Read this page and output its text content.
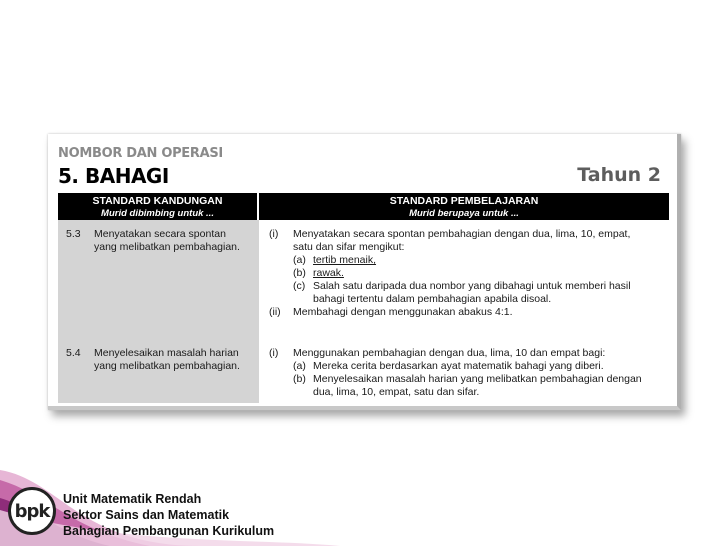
NOMBOR DAN OPERASI
5. BAHAGI	Tahun 2
STANDARD KANDUNGAN
Murid dibimbing untuk ...
STANDARD PEMBELAJARAN
Murid berupaya untuk ...
5.3 Menyatakan secara spontan
yang melibatkan pembahagian.
5.4 Menyelesaikan masalah harian
yang melibatkan pembahagian.
(i) Menyatakan secara spontan pembahagian dengan dua, lima, 10, empat,
satu dan sifar mengikut:
(a) tertib menaik,
(b) rawak.
(c) Salah satu daripada dua nombor yang dibahagi untuk memberi hasil
bahagi tertentu dalam pembahagian apabila disoal.
(ii) Membahagi dengan menggunakan abakus 4:1.
(i) Menggunakan pembahagian dengan dua, lima, 10 dan empat bagi:
(a) Mereka cerita berdasarkan ayat matematik bahagi yang diberi.
(b) Menyelesaikan masalah harian yang melibatkan pembahagian dengan
dua, lima, 10, empat, satu dan sifar.
bpk
Unit Matematik Rendah
Sektor Sains dan Matematik
Bahagian Pembangunan Kurikulum
